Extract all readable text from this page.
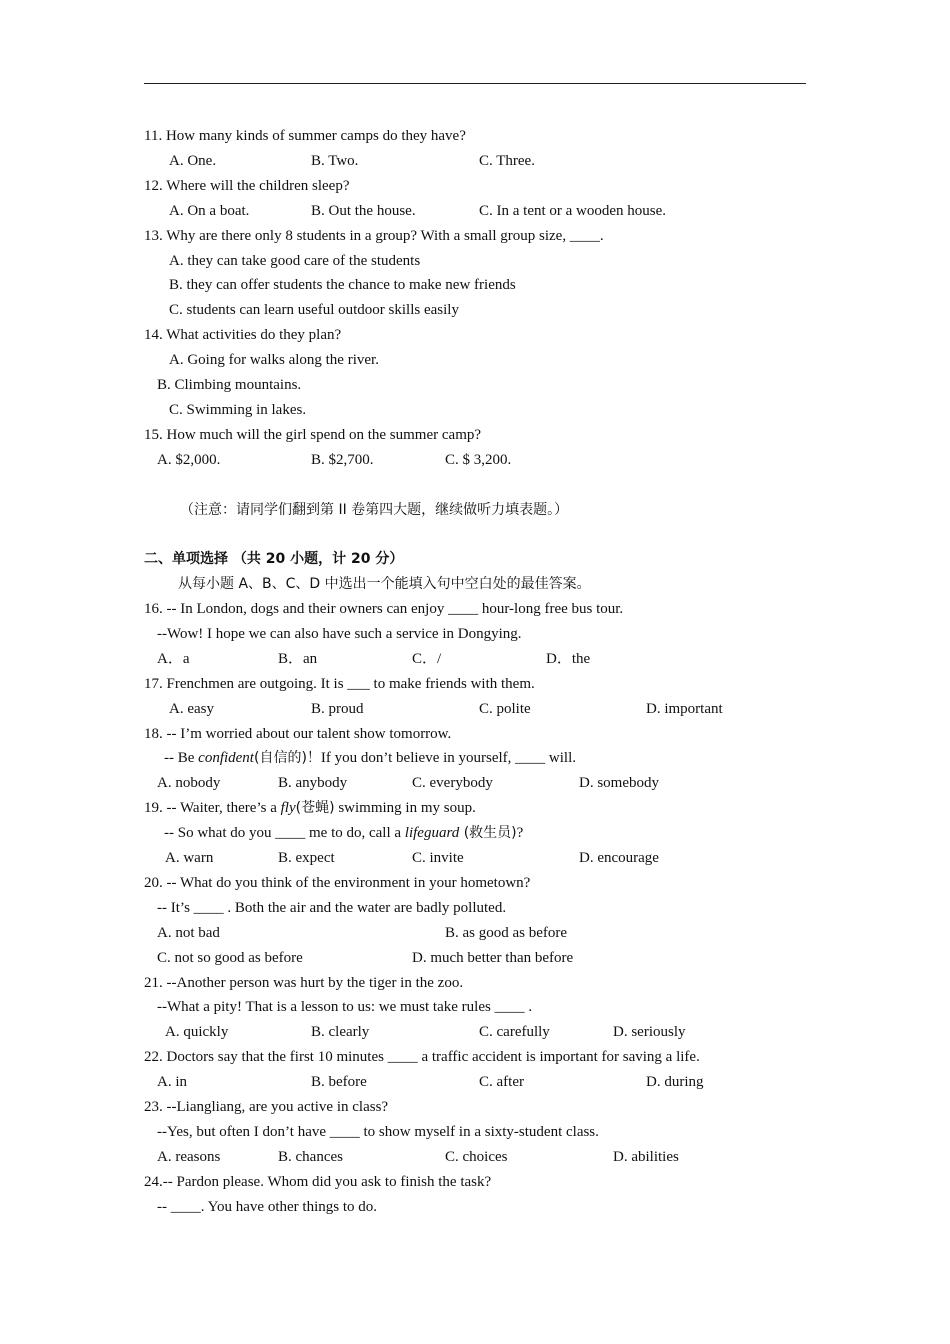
11. How many kinds of summer camps do they have?
A. One.	B. Two.	C. Three.
12. Where will the children sleep?
A. On a boat.	B. Out the house.	C. In a tent or a wooden house.
13. Why are there only 8 students in a group? With a small group size, ____.
A. they can take good care of the students
B. they can offer students the chance to make new friends
C. students can learn useful outdoor skills easily
14. What activities do they plan?
A. Going for walks along the river.
B. Climbing mountains.
C. Swimming in lakes.
15. How much will the girl spend on the summer camp?
A. $2,000.	B. $2,700.	C. $ 3,200.
（注意：请同学们翻到第 II 卷第四大题，继续做听力填表题。）
二、单项选择 （共 20 小题，计 20 分）
从每小题 A、B、C、D 中选出一个能填入句中空白处的最佳答案。
16. -- In London, dogs and their owners can enjoy ____ hour-long free bus tour.
--Wow! I hope we can also have such a service in Dongying.
A．a	B．an	C．/	D．the
17. Frenchmen are outgoing. It is ___ to make friends with them.
A. easy	B. proud	C. polite	D. important
18. -- I’m worried about our talent show tomorrow.
-- Be confident(自信的)！If you don’t believe in yourself, ____ will.
A. nobody	B. anybody	C. everybody	D. somebody
19. -- Waiter, there’s a fly(苍蝇) swimming in my soup.
-- So what do you ____ me to do, call a lifeguard (救生员)?
A. warn	B. expect	C. invite	D. encourage
20. -- What do you think of the environment in your hometown?
-- It’s ____ . Both the air and the water are badly polluted.
A. not bad	B. as good as before
C. not so good as before	D. much better than before
21. --Another person was hurt by the tiger in the zoo.
--What a pity! That is a lesson to us: we must take rules ____ .
A. quickly	B. clearly	C. carefully	D. seriously
22. Doctors say that the first 10 minutes ____ a traffic accident is important for saving a life.
A. in	B. before	C. after	D. during
23. --Liangliang, are you active in class?
--Yes, but often I don’t have ____ to show myself in a sixty-student class.
A. reasons	B. chances	C. choices	D. abilities
24.-- Pardon please. Whom did you ask to finish the task?
-- ____. You have other things to do.
